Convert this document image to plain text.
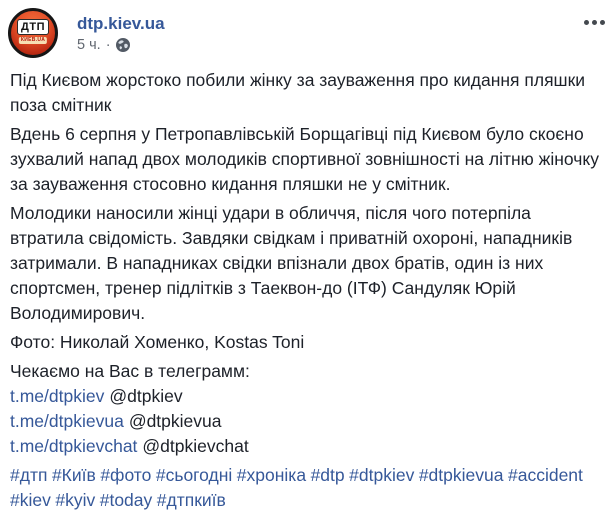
ДТП
КИЕВ.UA
dtp.kiev.ua
5 ч. ·
Під Києвом жорстоко побили жінку за зауваження про кидання пляшки
поза смітник
Вдень 6 серпня у Петропавлівській Борщагівці під Києвом було скоєно
зухвалий напад двох молодиків спортивної зовнішності на літню жіночку
за зауваження стосовно кидання пляшки не у смітник.
Молодики наносили жінці удари в обличчя, після чого потерпіла
втратила свідомість. Завдяки свідкам і приватній охороні, нападників
затримали. В нападниках свідки впізнали двох братів, один із них
спортсмен, тренер підлітків з Таеквон-до (ІТФ) Сандуляк Юрій
Володимирович.
Фото: Николай Хоменко, Kostas Toni
Чекаємо на Вас в телеграмм:
t.me/dtpkiev @dtpkiev
t.me/dtpkievua @dtpkievua
t.me/dtpkievchat @dtpkievchat
#дтп #Київ #фото #сьогодні #хроніка #dtp #dtpkiev #dtpkievua #accident
#kiev #kyiv #today #дтпкиїв
